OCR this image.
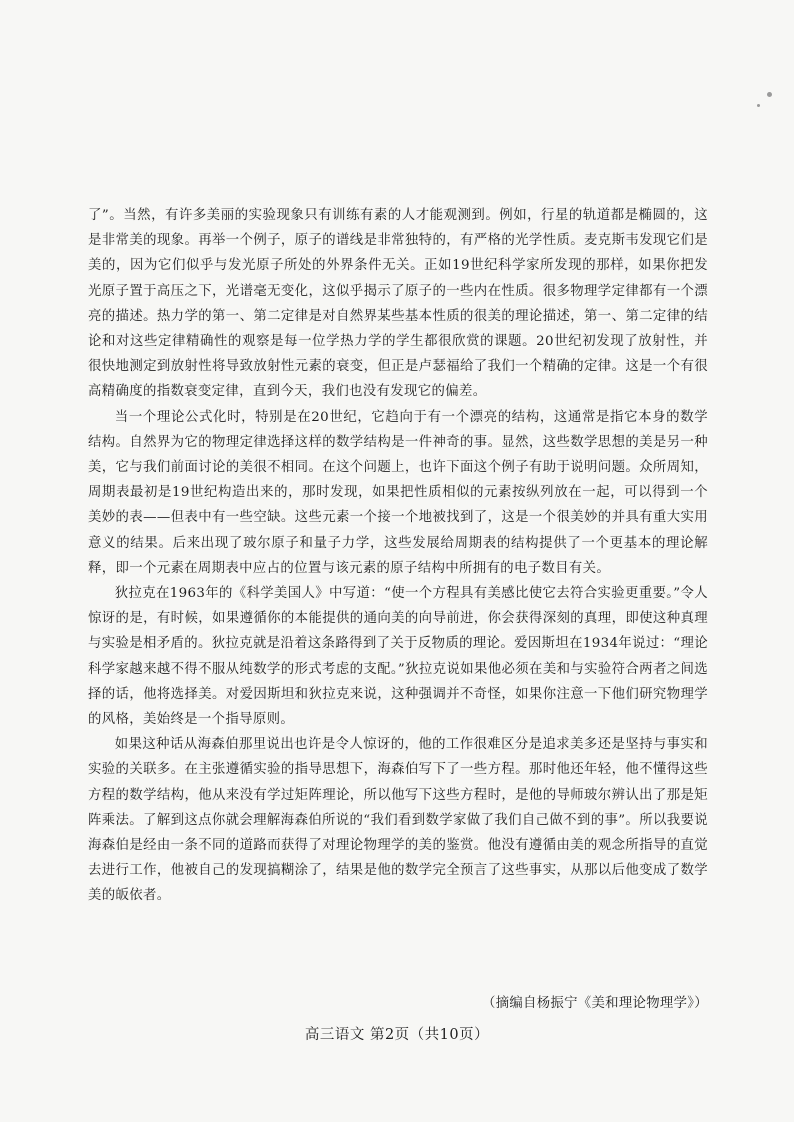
了”。当然，有许多美丽的实验现象只有训练有素的人才能观测到。例如，行星的轨道都是椭圆的，这是非常美的现象。再举一个例子，原子的谱线是非常独特的，有严格的光学性质。麦克斯韦发现它们是美的，因为它们似乎与发光原子所处的外界条件无关。正如19世纪科学家所发现的那样，如果你把发光原子置于高压之下，光谱毫无变化，这似乎揭示了原子的一些内在性质。很多物理学定律都有一个漂亮的描述。热力学的第一、第二定律是对自然界某些基本性质的很美的理论描述，第一、第二定律的结论和对这些定律精确性的观察是每一位学热力学的学生都很欣赏的课题。20世纪初发现了放射性，并很快地测定到放射性将导致放射性元素的衰变，但正是卢瑟福给了我们一个精确的定律。这是一个有很高精确度的指数衰变定律，直到今天，我们也没有发现它的偏差。

当一个理论公式化时，特别是在20世纪，它趋向于有一个漂亮的结构，这通常是指它本身的数学结构。自然界为它的物理定律选择这样的数学结构是一件神奇的事。显然，这些数学思想的美是另一种美，它与我们前面讨论的美很不相同。在这个问题上，也许下面这个例子有助于说明问题。众所周知，周期表最初是19世纪构造出来的，那时发现，如果把性质相似的元素按纵列放在一起，可以得到一个美妙的表——但表中有一些空缺。这些元素一个接一个地被找到了，这是一个很美妙的并具有重大实用意义的结果。后来出现了玻尔原子和量子力学，这些发展给周期表的结构提供了一个更基本的理论解释，即一个元素在周期表中应占的位置与该元素的原子结构中所拥有的电子数目有关。

狄拉克在1963年的《科学美国人》中写道：“使一个方程具有美感比使它去符合实验更重要。”令人惊讶的是，有时候，如果遵循你的本能提供的通向美的向导前进，你会获得深刻的真理，即使这种真理与实验是相矛盾的。狄拉克就是沿着这条路得到了关于反物质的理论。爱因斯坦在1934年说过：“理论科学家越来越不得不服从纯数学的形式考虑的支配。”狄拉克说如果他必须在美和与实验符合两者之间选择的话，他将选择美。对爱因斯坦和狄拉克来说，这种强调并不奇怪，如果你注意一下他们研究物理学的风格，美始终是一个指导原则。

如果这种话从海森伯那里说出也许是令人惊讶的，他的工作很难区分是追求美多还是坚持与事实和实验的关联多。在主张遵循实验的指导思想下，海森伯写下了一些方程。那时他还年轻，他不懂得这些方程的数学结构，他从来没有学过矩阵理论，所以他写下这些方程时，是他的导师玻尔辨认出了那是矩阵乘法。了解到这点你就会理解海森伯所说的“我们看到数学家做了我们自己做不到的事”。所以我要说海森伯是经由一条不同的道路而获得了对理论物理学的美的鉴赏。他没有遵循由美的观念所指导的直觉去进行工作，他被自己的发现搞糊涂了，结果是他的数学完全预言了这些事实，从那以后他变成了数学美的皈依者。

（摘编自杨振宁《美和理论物理学》）
高三语文 第2页（共10页）
